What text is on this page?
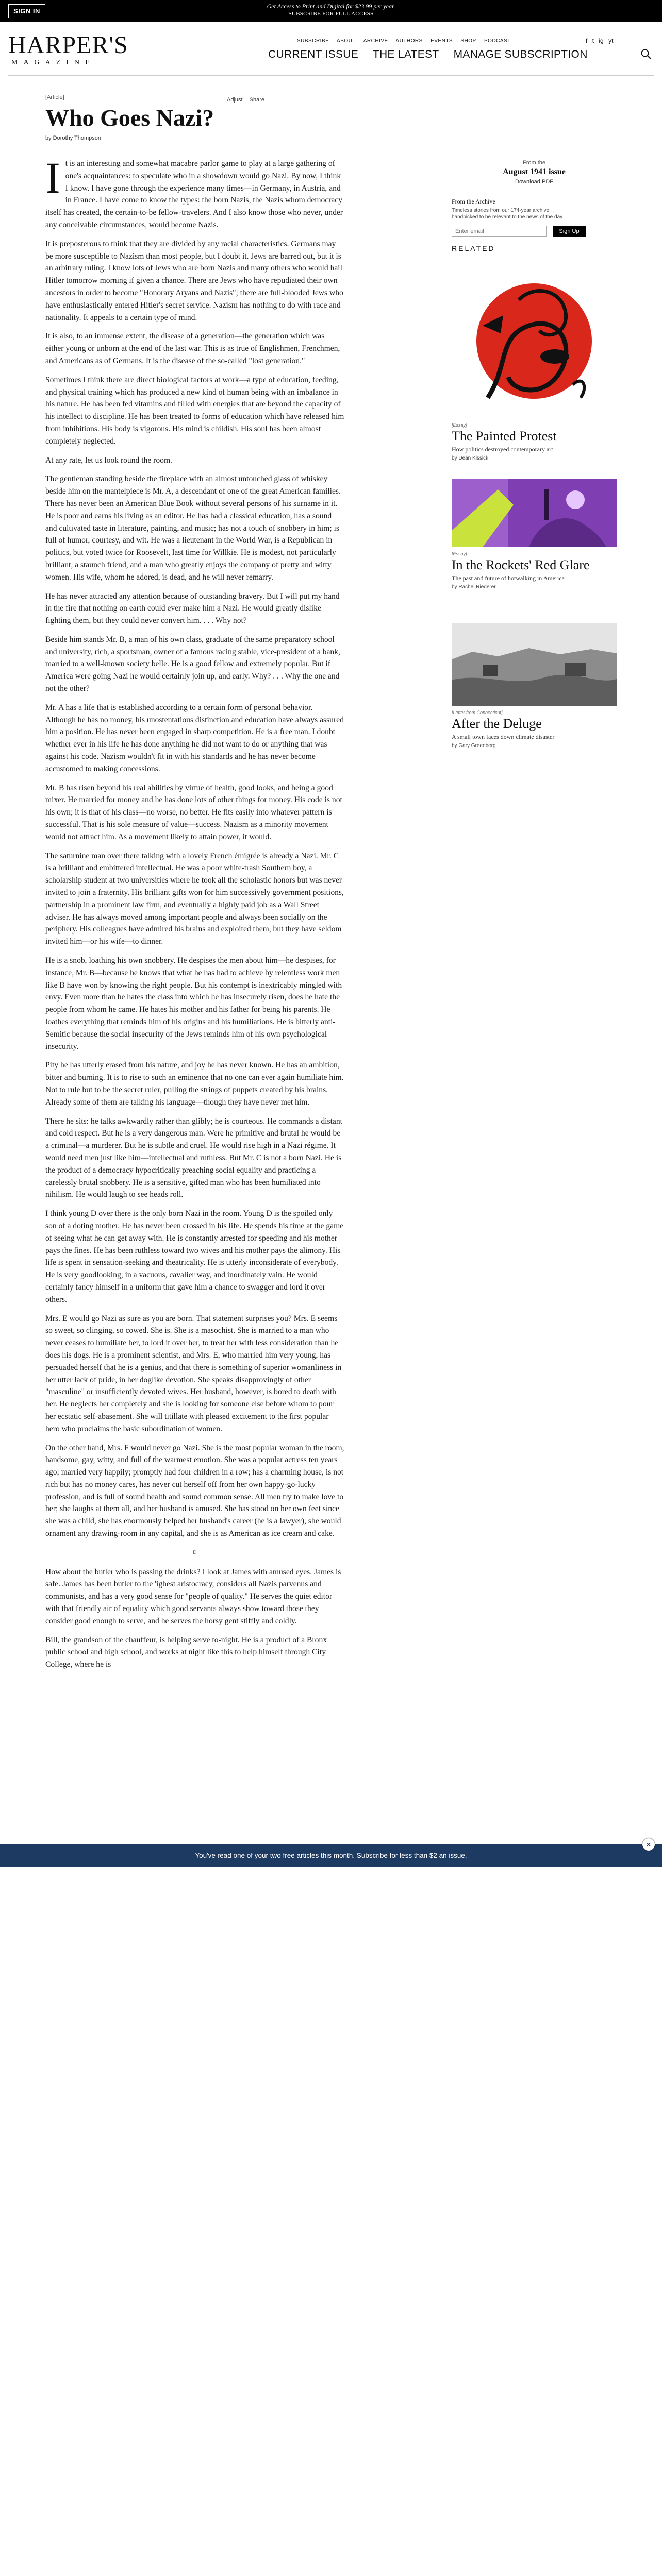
SIGN IN
Get Access to Print and Digital for $23.99 per year.
SUBSCRIBE FOR FULL ACCESS
HARPER'S
MAGAZINE
SUBSCRIBE ABOUT ARCHIVE AUTHORS EVENTS SHOP PODCAST	f t ig yt
CURRENT ISSUE THE LATEST MANAGE SUBSCRIPTION
[Article]	Adjust Share
Who Goes Nazi?
by Dorothy Thompson

It is an interesting and somewhat macabre parlor game to play at a large gathering of one's acquaintances: to speculate who in a showdown would go Nazi. By now, I think I know. I have gone through the experience many times—in Germany, in Austria, and in France. I have come to know the types: the born Nazis, the Nazis whom democracy itself has created, the certain-to-be fellow-travelers. And I also know those who never, under any conceivable circumstances, would become Nazis.

It is preposterous to think that they are divided by any racial characteristics. Germans may be more susceptible to Nazism than most people, but I doubt it. Jews are barred out, but it is an arbitrary ruling. I know lots of Jews who are born Nazis and many others who would hail Hitler tomorrow morning if given a chance. There are Jews who have repudiated their own ancestors in order to become "Honorary Aryans and Nazis"; there are full-blooded Jews who have enthusiastically entered Hitler's secret service. Nazism has nothing to do with race and nationality. It appeals to a certain type of mind.

It is also, to an immense extent, the disease of a generation—the generation which was either young or unborn at the end of the last war. This is as true of Englishmen, Frenchmen, and Americans as of Germans. It is the disease of the so-called "lost generation."

Sometimes I think there are direct biological factors at work—a type of education, feeding, and physical training which has produced a new kind of human being with an imbalance in his nature. He has been fed vitamins and filled with energies that are beyond the capacity of his intellect to discipline. He has been treated to forms of education which have released him from inhibitions. His body is vigorous. His mind is childish. His soul has been almost completely neglected.

At any rate, let us look round the room.

The gentleman standing beside the fireplace with an almost untouched glass of whiskey beside him on the mantelpiece is Mr. A, a descendant of one of the great American families. There has never been an American Blue Book without several persons of his surname in it. He is poor and earns his living as an editor. He has had a classical education, has a sound and cultivated taste in literature, painting, and music; has not a touch of snobbery in him; is full of humor, courtesy, and wit. He was a lieutenant in the World War, is a Republican in politics, but voted twice for Roosevelt, last time for Willkie. He is modest, not particularly brilliant, a staunch friend, and a man who greatly enjoys the company of pretty and witty women. His wife, whom he adored, is dead, and he will never remarry.

He has never attracted any attention because of outstanding bravery. But I will put my hand in the fire that nothing on earth could ever make him a Nazi. He would greatly dislike fighting them, but they could never convert him. . . . Why not?

Beside him stands Mr. B, a man of his own class, graduate of the same preparatory school and university, rich, a sportsman, owner of a famous racing stable, vice-president of a bank, married to a well-known society belle. He is a good fellow and extremely popular. But if America were going Nazi he would certainly join up, and early. Why? . . . Why the one and not the other?

Mr. A has a life that is established according to a certain form of personal behavior. Although he has no money, his unostentatious distinction and education have always assured him a position. He has never been engaged in sharp competition. He is a free man. I doubt whether ever in his life he has done anything he did not want to do or anything that was against his code. Nazism wouldn't fit in with his standards and he has never become accustomed to making concessions.

Mr. B has risen beyond his real abilities by virtue of health, good looks, and being a good mixer. He married for money and he has done lots of other things for money. His code is not his own; it is that of his class—no worse, no better. He fits easily into whatever pattern is successful. That is his sole measure of value—success. Nazism as a minority movement would not attract him. As a movement likely to attain power, it would.

The saturnine man over there talking with a lovely French émigrée is already a Nazi. Mr. C is a brilliant and embittered intellectual. He was a poor white-trash Southern boy, a scholarship student at two universities where he took all the scholastic honors but was never invited to join a fraternity. His brilliant gifts won for him successively government positions, partnership in a prominent law firm, and eventually a highly paid job as a Wall Street adviser. He has always moved among important people and always been socially on the periphery. His colleagues have admired his brains and exploited them, but they have seldom invited him—or his wife—to dinner.

He is a snob, loathing his own snobbery. He despises the men about him—he despises, for instance, Mr. B—because he knows that what he has had to achieve by relentless work men like B have won by knowing the right people. But his contempt is inextricably mingled with envy. Even more than he hates the class into which he has insecurely risen, does he hate the people from whom he came. He hates his mother and his father for being his parents. He loathes everything that reminds him of his origins and his humiliations. He is bitterly anti-Semitic because the social insecurity of the Jews reminds him of his own psychological insecurity.

Pity he has utterly erased from his nature, and joy he has never known. He has an ambition, bitter and burning. It is to rise to such an eminence that no one can ever again humiliate him. Not to rule but to be the secret ruler, pulling the strings of puppets created by his brains. Already some of them are talking his language—though they have never met him.

There he sits: he talks awkwardly rather than glibly; he is courteous. He commands a distant and cold respect. But he is a very dangerous man. Were he primitive and brutal he would be a criminal—a murderer. But he is subtle and cruel. He would rise high in a Nazi régime. It would need men just like him—intellectual and ruthless. But Mr. C is not a born Nazi. He is the product of a democracy hypocritically preaching social equality and practicing a carelessly brutal snobbery. He is a sensitive, gifted man who has been humiliated into nihilism. He would laugh to see heads roll.

I think young D over there is the only born Nazi in the room. Young D is the spoiled only son of a doting mother. He has never been crossed in his life. He spends his time at the game of seeing what he can get away with. He is constantly arrested for speeding and his mother pays the fines. He has been ruthless toward two wives and his mother pays the alimony. His life is spent in sensation-seeking and theatricality. He is utterly inconsiderate of everybody. He is very goodlooking, in a vacuous, cavalier way, and inordinately vain. He would certainly fancy himself in a uniform that gave him a chance to swagger and lord it over others.

Mrs. E would go Nazi as sure as you are born. That statement surprises you? Mrs. E seems so sweet, so clinging, so cowed. She is. She is a masochist. She is married to a man who never ceases to humiliate her, to lord it over her, to treat her with less consideration than he does his dogs. He is a prominent scientist, and Mrs. E, who married him very young, has persuaded herself that he is a genius, and that there is something of superior womanliness in her utter lack of pride, in her doglike devotion. She speaks disapprovingly of other "masculine" or insufficiently devoted wives. Her husband, however, is bored to death with her. He neglects her completely and she is looking for someone else before whom to pour her ecstatic self-abasement. She will titillate with pleased excitement to the first popular hero who proclaims the basic subordination of women.

On the other hand, Mrs. F would never go Nazi. She is the most popular woman in the room, handsome, gay, witty, and full of the warmest emotion. She was a popular actress ten years ago; married very happily; promptly had four children in a row; has a charming house, is not rich but has no money cares, has never cut herself off from her own happy-go-lucky profession, and is full of sound health and sound common sense. All men try to make love to her; she laughs at them all, and her husband is amused. She has stood on her own feet since she was a child, she has enormously helped her husband's career (he is a lawyer), she would ornament any drawing-room in any capital, and she is as American as ice cream and cake.

¤

How about the butler who is passing the drinks? I look at James with amused eyes. James is safe. James has been butler to the 'ighest aristocracy, considers all Nazis parvenus and communists, and has a very good sense for "people of quality." He serves the quiet editor with that friendly air of equality which good servants always show toward those they consider good enough to serve, and he serves the horsy gent stiffly and coldly.

Bill, the grandson of the chauffeur, is helping serve to-night. He is a product of a Bronx public school and high school, and works at night like this to help himself through City College, where he is

From the
August 1941 issue
Download PDF
From the Archive
Timeless stories from our 174-year archive handpicked to be relevant to the news of the day.
Enter email
Sign Up
RELATED
[Essay]
The Painted Protest
How politics destroyed contemporary art
by Dean Kissick
[Essay]
In the Rockets' Red Glare
The past and future of hotwalking in America
by Rachel Riederer
[Letter from Connecticut]
After the Deluge
A small town faces down climate disaster
by Gary Greenberg
You've read one of your two free articles this month. Subscribe for less than $2 an issue.
×
